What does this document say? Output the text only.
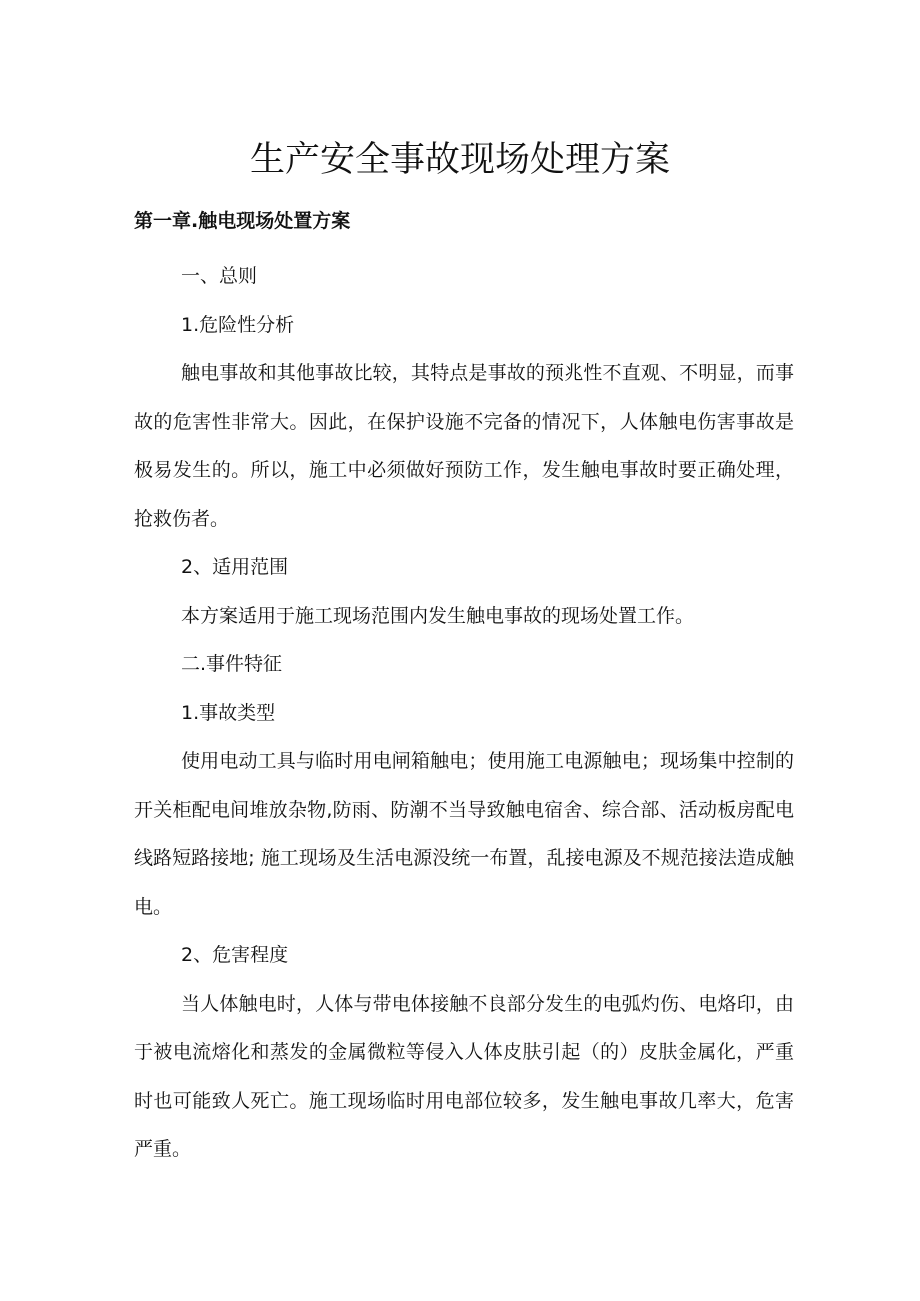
生产安全事故现场处理方案
第一章.触电现场处置方案

一、总则

1.危险性分析

触电事故和其他事故比较，其特点是事故的预兆性不直观、不明显，而事故的危害性非常大。因此，在保护设施不完备的情况下，人体触电伤害事故是极易发生的。所以，施工中必须做好预防工作，发生触电事故时要正确处理，抢救伤者。

2、适用范围

本方案适用于施工现场范围内发生触电事故的现场处置工作。

二.事件特征

1.事故类型

使用电动工具与临时用电闸箱触电；使用施工电源触电；现场集中控制的开关柜配电间堆放杂物,防雨、防潮不当导致触电宿舍、综合部、活动板房配电线路短路接地; 施工现场及生活电源没统一布置，乱接电源及不规范接法造成触电。

2、危害程度

当人体触电时，人体与带电体接触不良部分发生的电弧灼伤、电烙印，由于被电流熔化和蒸发的金属微粒等侵入人体皮肤引起（的）皮肤金属化，严重时也可能致人死亡。施工现场临时用电部位较多，发生触电事故几率大，危害严重。
